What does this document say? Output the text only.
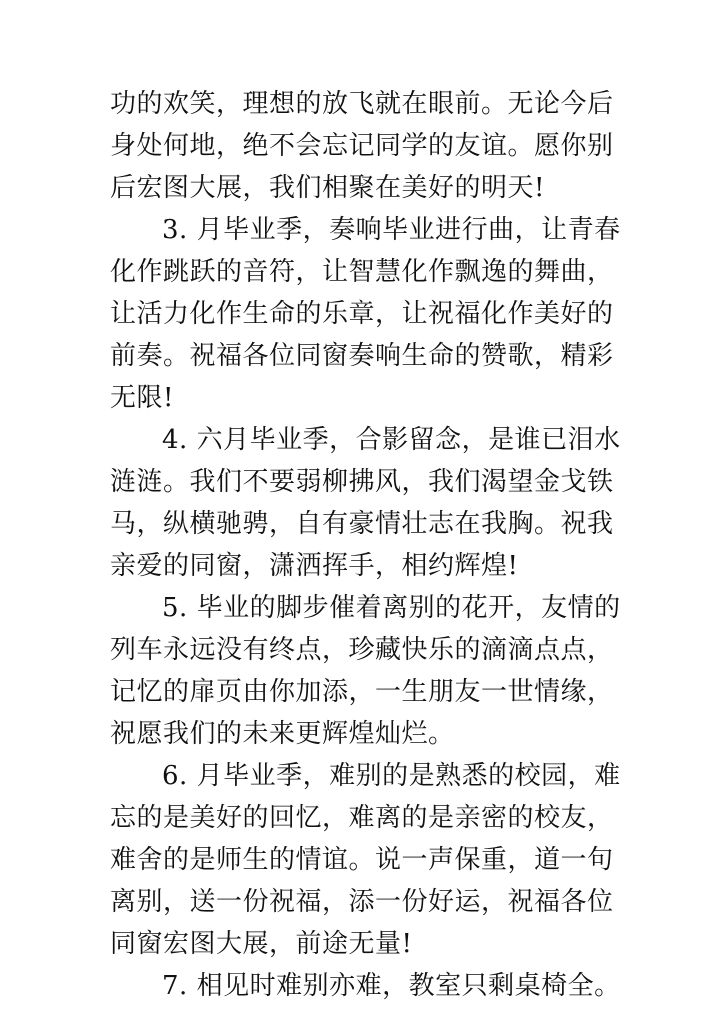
功的欢笑，理想的放飞就在眼前。无论今后
身处何地，绝不会忘记同学的友谊。愿你别
后宏图大展，我们相聚在美好的明天!
3. 月毕业季，奏响毕业进行曲，让青春
化作跳跃的音符，让智慧化作飘逸的舞曲，
让活力化作生命的乐章，让祝福化作美好的
前奏。祝福各位同窗奏响生命的赞歌，精彩
无限!
4. 六月毕业季，合影留念，是谁已泪水
涟涟。我们不要弱柳拂风，我们渴望金戈铁
马，纵横驰骋，自有豪情壮志在我胸。祝我
亲爱的同窗，潇洒挥手，相约辉煌!
5. 毕业的脚步催着离别的花开，友情的
列车永远没有终点，珍藏快乐的滴滴点点，
记忆的扉页由你加添，一生朋友一世情缘，
祝愿我们的未来更辉煌灿烂。
6. 月毕业季，难别的是熟悉的校园，难
忘的是美好的回忆，难离的是亲密的校友，
难舍的是师生的情谊。说一声保重，道一句
离别，送一份祝福，添一份好运，祝福各位
同窗宏图大展，前途无量!
7. 相见时难别亦难，教室只剩桌椅全。
